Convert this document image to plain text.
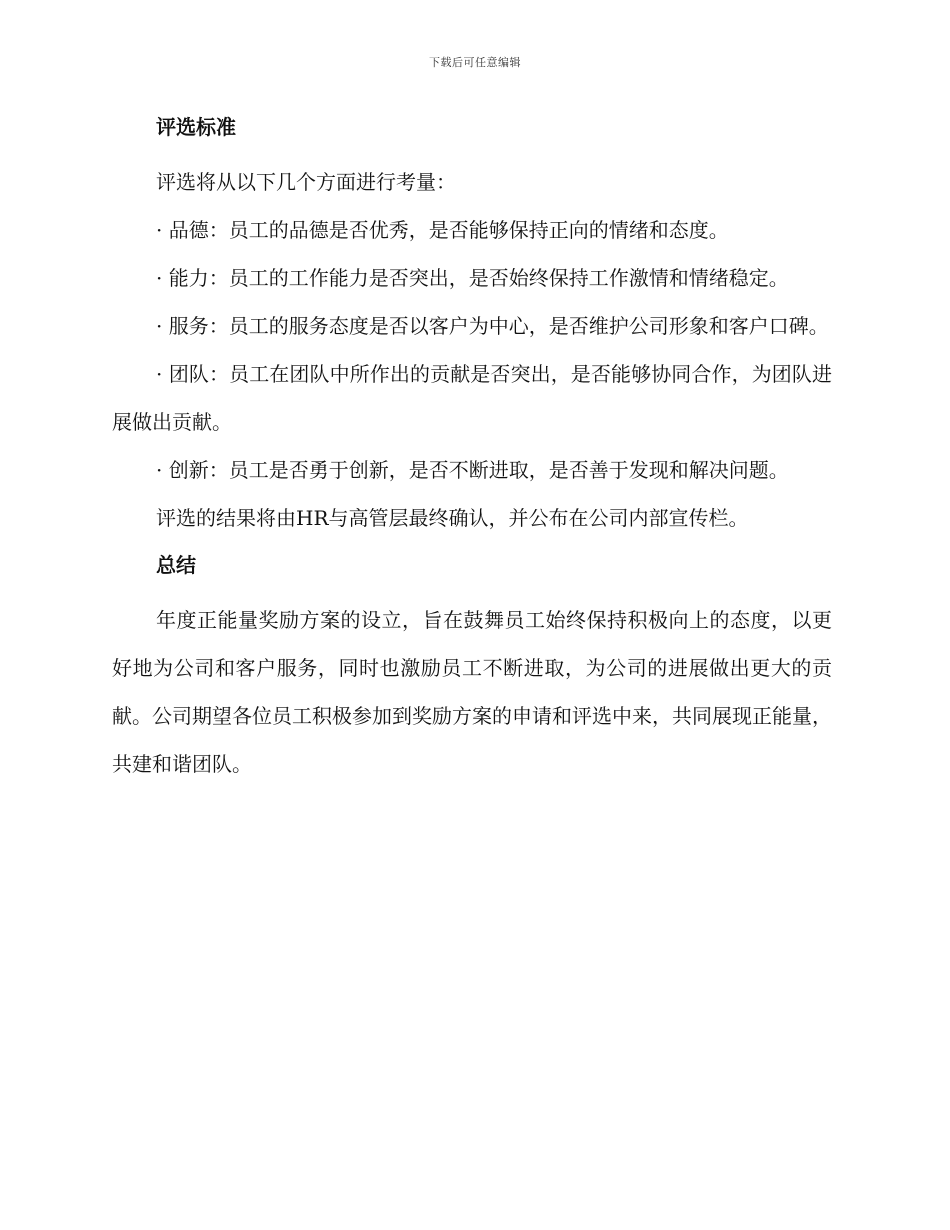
下载后可任意编辑
评选标准

评选将从以下几个方面进行考量：

· 品德：员工的品德是否优秀，是否能够保持正向的情绪和态度。

· 能力：员工的工作能力是否突出，是否始终保持工作激情和情绪稳定。

· 服务：员工的服务态度是否以客户为中心，是否维护公司形象和客户口碑。

· 团队：员工在团队中所作出的贡献是否突出，是否能够协同合作，为团队进展做出贡献。

· 创新：员工是否勇于创新，是否不断进取，是否善于发现和解决问题。

评选的结果将由HR与高管层最终确认，并公布在公司内部宣传栏。

总结

年度正能量奖励方案的设立，旨在鼓舞员工始终保持积极向上的态度，以更好地为公司和客户服务，同时也激励员工不断进取，为公司的进展做出更大的贡献。公司期望各位员工积极参加到奖励方案的申请和评选中来，共同展现正能量，共建和谐团队。
